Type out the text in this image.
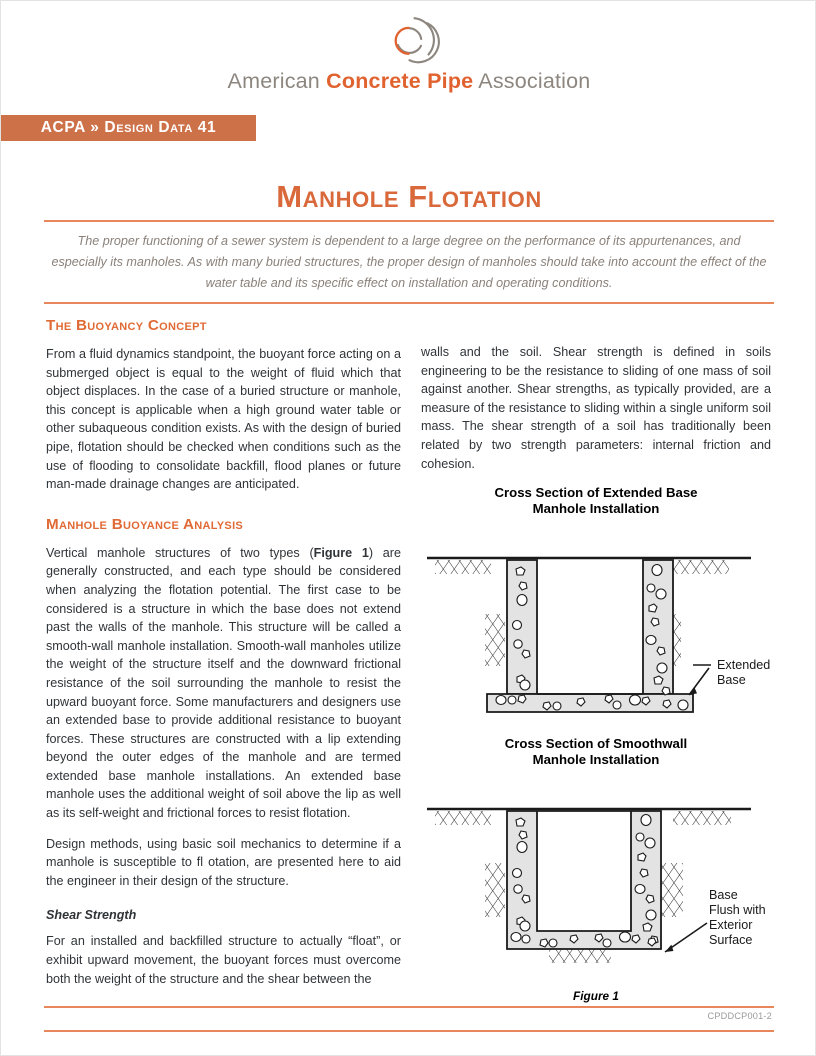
American Concrete Pipe Association
ACPA » Design Data 41
Manhole Flotation
The proper functioning of a sewer system is dependent to a large degree on the performance of its appurtenances, and especially its manholes. As with many buried structures, the proper design of manholes should take into account the effect of the water table and its specific effect on installation and operating conditions.
The Buoyancy Concept

From a fluid dynamics standpoint, the buoyant force acting on a submerged object is equal to the weight of fluid which that object displaces. In the case of a buried structure or manhole, this concept is applicable when a high ground water table or other subaqueous condition exists. As with the design of buried pipe, flotation should be checked when conditions such as the use of flooding to consolidate backfill, flood planes or future man-made drainage changes are anticipated.

Manhole Buoyance Analysis

Vertical manhole structures of two types (Figure 1) are generally constructed, and each type should be considered when analyzing the flotation potential. The first case to be considered is a structure in which the base does not extend past the walls of the manhole. This structure will be called a smooth-wall manhole installation. Smooth-wall manholes utilize the weight of the structure itself and the downward frictional resistance of the soil surrounding the manhole to resist the upward buoyant force. Some manufacturers and designers use an extended base to provide additional resistance to buoyant forces. These structures are constructed with a lip extending beyond the outer edges of the manhole and are termed extended base manhole installations. An extended base manhole uses the additional weight of soil above the lip as well as its self-weight and frictional forces to resist flotation.

Design methods, using basic soil mechanics to determine if a manhole is susceptible to fl otation, are presented here to aid the engineer in their design of the structure.

Shear Strength

For an installed and backfilled structure to actually “float”, or exhibit upward movement, the buoyant forces must overcome both the weight of the structure and the shear between the

walls and the soil. Shear strength is defined in soils engineering to be the resistance to sliding of one mass of soil against another. Shear strengths, as typically provided, are a measure of the resistance to sliding within a single uniform soil mass. The shear strength of a soil has traditionally been related by two strength parameters: internal friction and cohesion.

Cross Section of Extended Base
Manhole Installation
Extended
Base
Cross Section of Smoothwall
Manhole Installation
Base
Flush with
Exterior
Surface
Figure 1
CPDDCP001-2
